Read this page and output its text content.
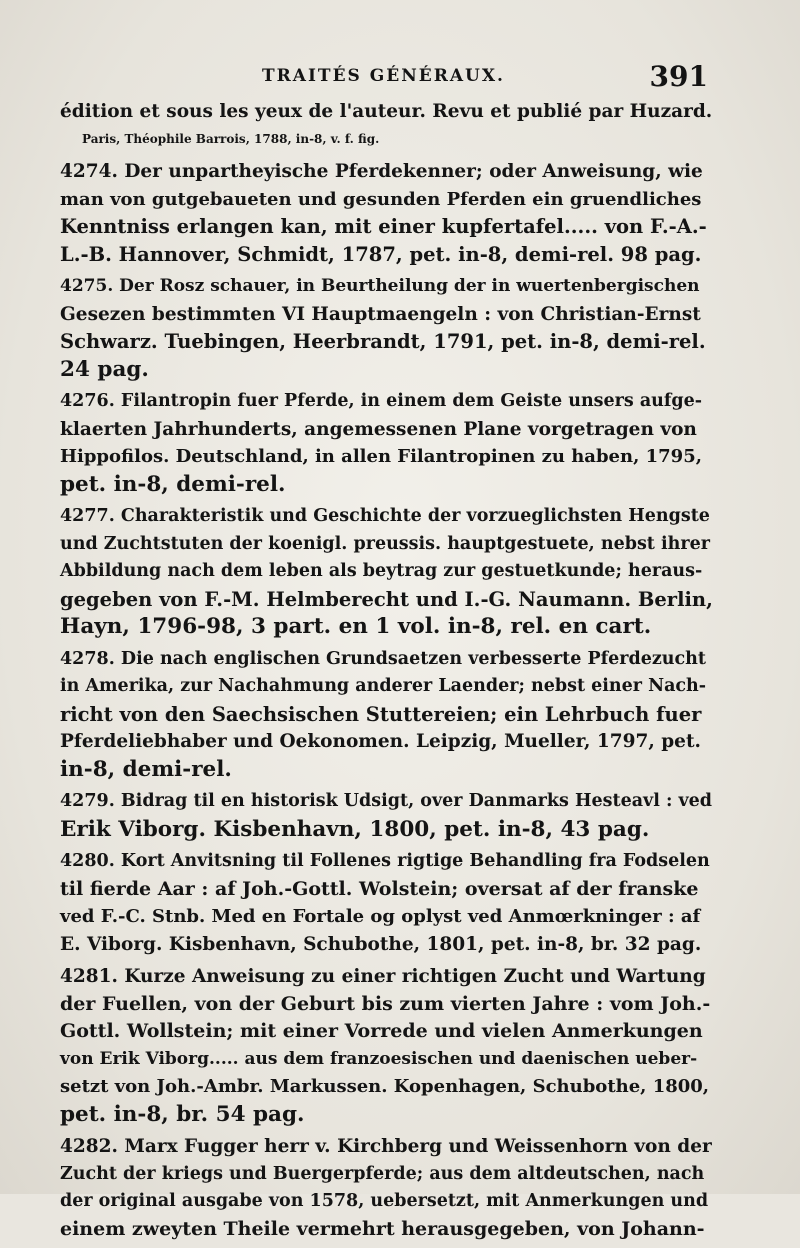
TRAITÉS GÉNÉRAUX.	391
édition et sous les yeux de l'auteur. Revu et publié par Huzard.
Paris, Théophile Barrois, 1788, in-8, v. f. fig.
4274. Der unpartheyische Pferdekenner; oder Anweisung, wie
man von gutgebaueten und gesunden Pferden ein gruendliches
Kenntniss erlangen kan, mit einer kupfertafel..... von F.-A.-
L.-B. Hannover, Schmidt, 1787, pet. in-8, demi-rel. 98 pag.
4275. Der Rosz schauer, in Beurtheilung der in wuertenbergischen
Gesezen bestimmten VI Hauptmaengeln : von Christian-Ernst
Schwarz. Tuebingen, Heerbrandt, 1791, pet. in-8, demi-rel.
24 pag.
4276. Filantropin fuer Pferde, in einem dem Geiste unsers aufge-
klaerten Jahrhunderts, angemessenen Plane vorgetragen von
Hippofilos. Deutschland, in allen Filantropinen zu haben, 1795,
pet. in-8, demi-rel.
4277. Charakteristik und Geschichte der vorzueglichsten Hengste
und Zuchtstuten der koenigl. preussis. hauptgestuete, nebst ihrer
Abbildung nach dem leben als beytrag zur gestuetkunde; heraus-
gegeben von F.-M. Helmberecht und I.-G. Naumann. Berlin,
Hayn, 1796-98, 3 part. en 1 vol. in-8, rel. en cart.
4278. Die nach englischen Grundsaetzen verbesserte Pferdezucht
in Amerika, zur Nachahmung anderer Laender; nebst einer Nach-
richt von den Saechsischen Stuttereien; ein Lehrbuch fuer
Pferdeliebhaber und Oekonomen. Leipzig, Mueller, 1797, pet.
in-8, demi-rel.
4279. Bidrag til en historisk Udsigt, over Danmarks Hesteavl : ved
Erik Viborg. Kisbenhavn, 1800, pet. in-8, 43 pag.
4280. Kort Anvitsning til Follenes rigtige Behandling fra Fodselen
til fierde Aar : af Joh.-Gottl. Wolstein; oversat af der franske
ved F.-C. Stnb. Med en Fortale og oplyst ved Anmœrkninger : af
E. Viborg. Kisbenhavn, Schubothe, 1801, pet. in-8, br. 32 pag.
4281. Kurze Anweisung zu einer richtigen Zucht und Wartung
der Fuellen, von der Geburt bis zum vierten Jahre : vom Joh.-
Gottl. Wollstein; mit einer Vorrede und vielen Anmerkungen
von Erik Viborg..... aus dem franzoesischen und daenischen ueber-
setzt von Joh.-Ambr. Markussen. Kopenhagen, Schubothe, 1800,
pet. in-8, br. 54 pag.
4282. Marx Fugger herr v. Kirchberg und Weissenhorn von der
Zucht der kriegs und Buergerpferde; aus dem altdeutschen, nach
der original ausgabe von 1578, uebersetzt, mit Anmerkungen und
einem zweyten Theile vermehrt herausgegeben, von Johann-
